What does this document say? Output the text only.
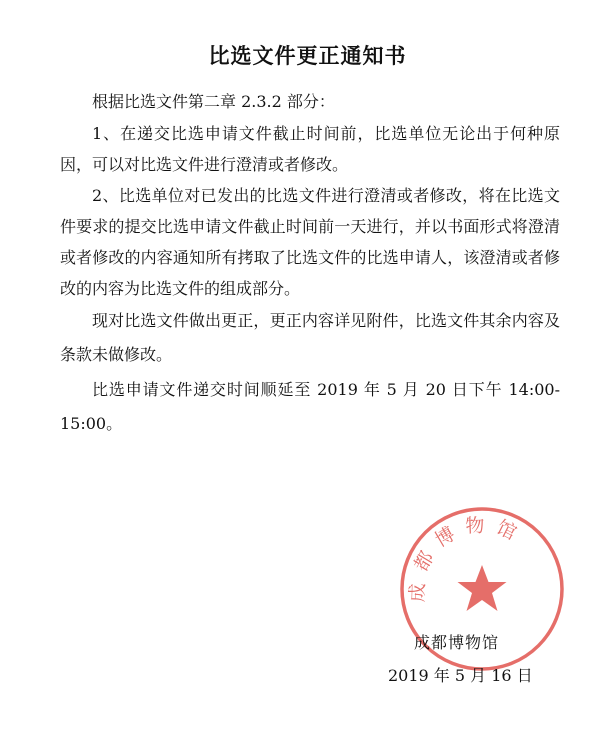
比选文件更正通知书

根据比选文件第二章 2.3.2 部分：

1、在递交比选申请文件截止时间前，比选单位无论出于何种原因，可以对比选文件进行澄清或者修改。

2、比选单位对已发出的比选文件进行澄清或者修改，将在比选文件要求的提交比选申请文件截止时间前一天进行，并以书面形式将澄清或者修改的内容通知所有拷取了比选文件的比选申请人，该澄清或者修改的内容为比选文件的组成部分。

现对比选文件做出更正，更正内容详见附件，比选文件其余内容及条款未做修改。

比选申请文件递交时间顺延至 2019 年 5 月 20 日下午 14:00-15:00。

成都博物馆
成都博物馆
2019 年 5 月 16 日
